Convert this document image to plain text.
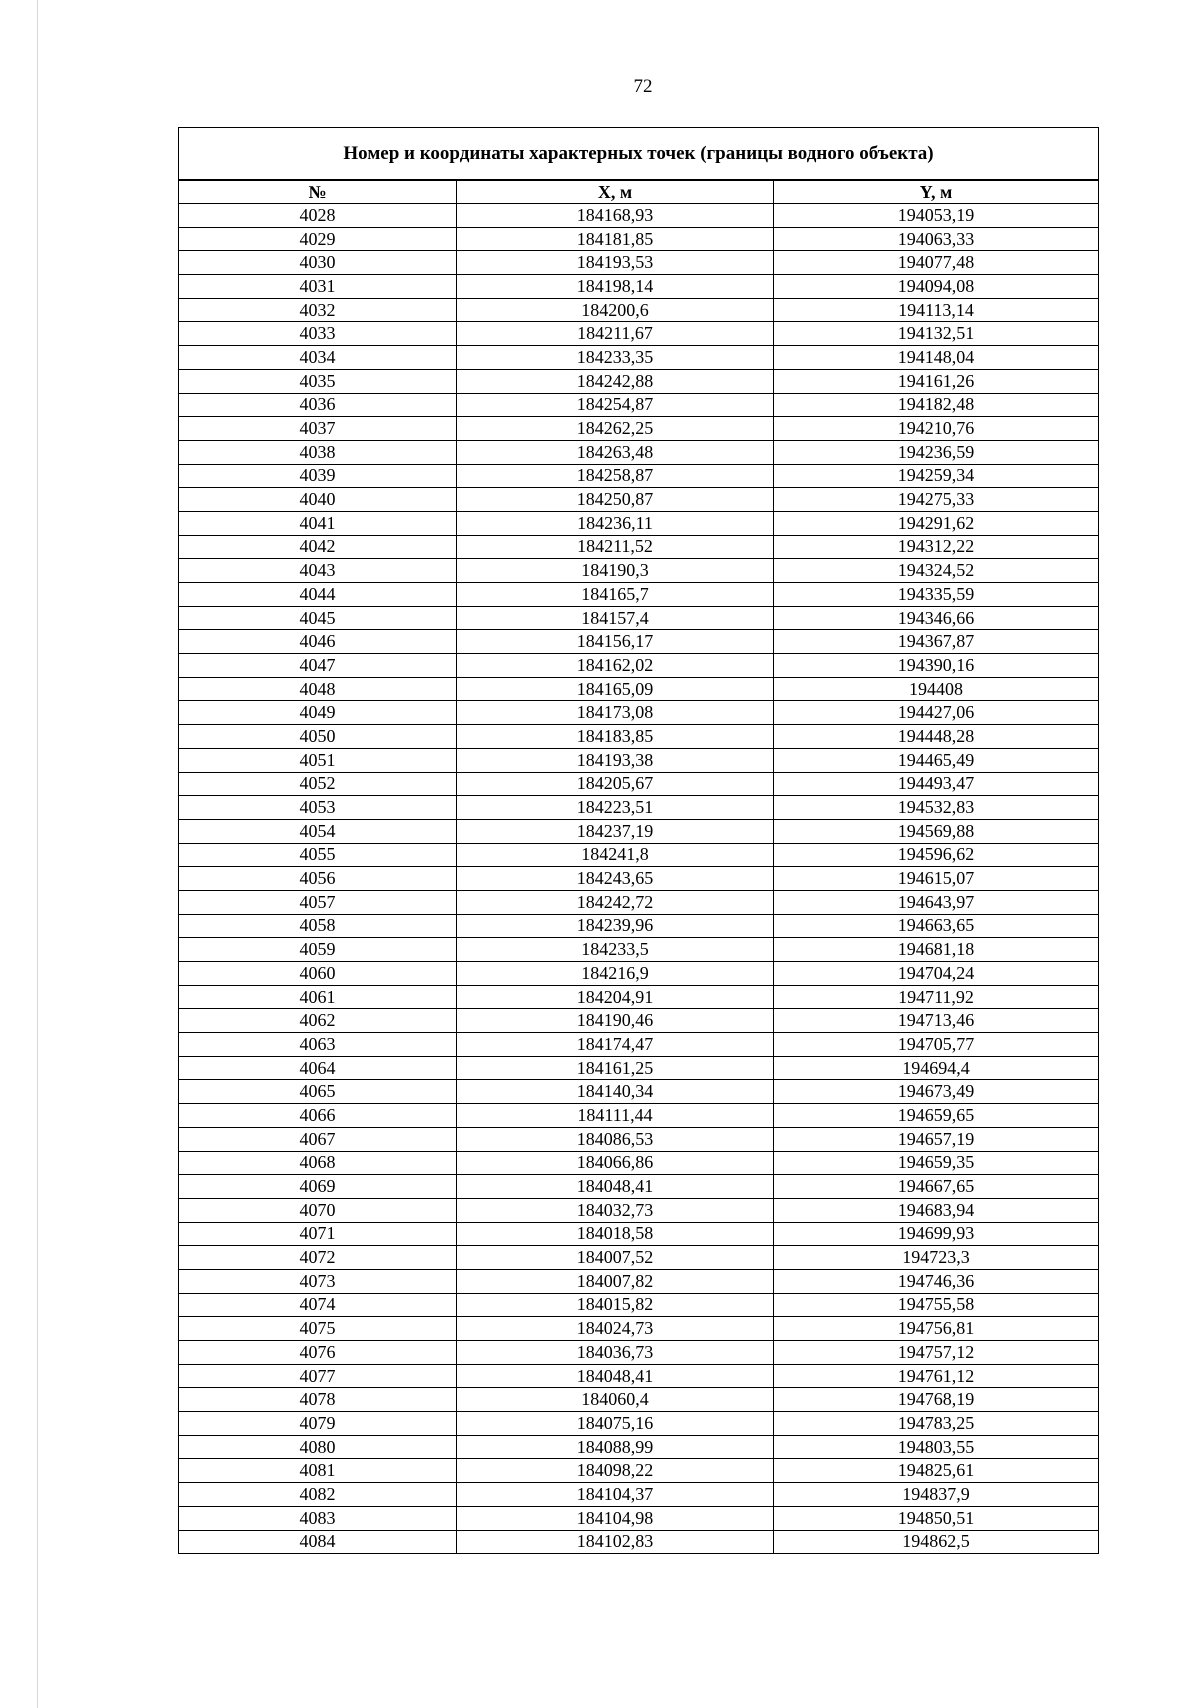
72
Номер и координаты характерных точек (границы водного объекта)		
№	X, м	Y, м
4028	184168,93	194053,19
4029	184181,85	194063,33
4030	184193,53	194077,48
4031	184198,14	194094,08
4032	184200,6	194113,14
4033	184211,67	194132,51
4034	184233,35	194148,04
4035	184242,88	194161,26
4036	184254,87	194182,48
4037	184262,25	194210,76
4038	184263,48	194236,59
4039	184258,87	194259,34
4040	184250,87	194275,33
4041	184236,11	194291,62
4042	184211,52	194312,22
4043	184190,3	194324,52
4044	184165,7	194335,59
4045	184157,4	194346,66
4046	184156,17	194367,87
4047	184162,02	194390,16
4048	184165,09	194408
4049	184173,08	194427,06
4050	184183,85	194448,28
4051	184193,38	194465,49
4052	184205,67	194493,47
4053	184223,51	194532,83
4054	184237,19	194569,88
4055	184241,8	194596,62
4056	184243,65	194615,07
4057	184242,72	194643,97
4058	184239,96	194663,65
4059	184233,5	194681,18
4060	184216,9	194704,24
4061	184204,91	194711,92
4062	184190,46	194713,46
4063	184174,47	194705,77
4064	184161,25	194694,4
4065	184140,34	194673,49
4066	184111,44	194659,65
4067	184086,53	194657,19
4068	184066,86	194659,35
4069	184048,41	194667,65
4070	184032,73	194683,94
4071	184018,58	194699,93
4072	184007,52	194723,3
4073	184007,82	194746,36
4074	184015,82	194755,58
4075	184024,73	194756,81
4076	184036,73	194757,12
4077	184048,41	194761,12
4078	184060,4	194768,19
4079	184075,16	194783,25
4080	184088,99	194803,55
4081	184098,22	194825,61
4082	184104,37	194837,9
4083	184104,98	194850,51
4084	184102,83	194862,5
